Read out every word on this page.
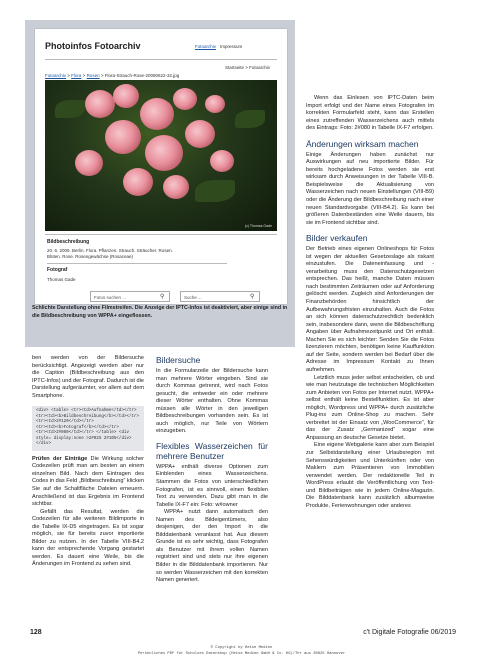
Photoinfos Fotoarchiv	Fotoarchiv Impressum
Startseite > Fotoarchiv
Fotoarchiv > Flora > Rosen > Flora-Strauch-Rose-20090622-32.jpg
(c) Thomas Gade
Bildbeschreibung
20. 6. 2009. Berlin. Flora. Pflanzen. Strauch. Sträucher. Rosen.
Blüten. Rose. Rosengewächse (Rosaceae)
Fotograf
Thomas Gade
Fotos suchen ...	⚲	Suche ...	⚲
Schlichte Darstellung ohne Filmstreifen. Die Anzeige der IPTC-Infos ist deaktiviert, aber einige sind in die Bildbeschreibung von WPPA+ eingeflossen.

ben werden von der Bildersuche berücksichtigt. Angezeigt werden aber nur die Caption (Bildbeschreibung aus den IPTC-Infos) und der Fotograf. Dadurch ist die Darstellung aufgeräumter, vor allem auf dem Smartphone.

<div> <table> <tr><td>Aufnahme</td></tr>
<tr><td><b>Bildbeschreibung</b></td></tr>
<tr><td>2#120</td></tr>
<tr><td><b>Fotograf</b></td></tr>
<tr><td>2#080</td></tr> </table> <div
style= display:none >2#025 2#105</div>
</div>

Prüfen der Einträge Die Wirkung solcher Codezeilen prüft man am besten an einem einzelnen Bild. Nach dem Eintragen des Codes in das Feld „Bildbeschreibung“ klicken Sie auf die Schaltfläche Dateien erneuern. Anschließend ist das Ergebnis im Frontend sichtbar.

Gefällt das Resultat, werden die Codezeilen für alle weiteren Bildimporte in die Tabelle IX-D5 eingetragen. Es ist sogar möglich, sie für bereits zuvor importierte Bilder zu nutzen. In der Tabelle VIII-B4.2 kann der entsprechende Vorgang gestartet werden. Es dauert eine Weile, bis die Änderungen im Frontend zu sehen sind.

Bildersuche

In die Formularzeile der Bildersuche kann man mehrere Wörter eingeben. Sind sie durch Kommas getrennt, wird nach Fotos gesucht, die entweder ein oder mehrere dieser Wörter enthalten. Ohne Kommas müssen alle Wörter in den jeweiligen Bildbeschreibungen vorhanden sein. Es ist auch möglich, nur Teile von Wörtern einzugeben.

Flexibles Wasserzeichen für mehrere Benutzer

WPPA+ enthält diverse Optionen zum Einblenden eines Wasserzeichens. Stammen die Fotos von unterschiedlichen Fotografen, ist es sinnvoll, einen flexiblen Text zu verwenden. Dazu gibt man in die Tabelle IX-F7 ein: Foto: w#owner

WPPA+ nutzt dann automatisch den Namen des Bildeigentümers, also desjenigen, der den Import in die Bilddatenbank veranlasst hat. Aus diesem Grunde ist es sehr wichtig, dass Fotografen als Benutzer mit ihrem vollen Namen registriert sind und stets nur ihre eigenen Bilder in die Bilddatenbank importieren. Nur so werden Wasserzeichen mit den korrekten Namen generiert.

Wenn das Einlesen von IPTC-Daten beim Import erfolgt und der Name eines Fotografen im korrekten Formularfeld steht, kann das Erstellen eines zutreffenden Wasserzeichens auch mittels des Eintrags: Foto: 2#080 in Tabelle IX-F7 erfolgen.

Änderungen wirksam machen

Einige Änderungen haben zunächst nur Auswirkungen auf neu importierte Bilder. Für bereits hochgeladene Fotos werden sie erst wirksam durch Anweisungen in der Tabelle VIII-B. Beispielsweise die Aktualisierung von Wasserzeichen nach neuen Einstellungen (VIII-B9) oder die Änderung der Bildbeschreibung nach einer neuen Standardvorgabe (VIII-B4.2). Es kann bei größeren Datenbeständen eine Weile dauern, bis sie im Frontend sichtbar sind.

Bilder verkaufen

Der Betrieb eines eigenen Onlineshops für Fotos ist wegen der aktuellen Gesetzeslage als riskant einzustufen. Die Dateneinfassung und -verarbeitung muss den Datenschutzgesetzen entsprechen. Das heißt, manche Daten müssen nach bestimmten Zeiträumen oder auf Anforderung gelöscht werden. Zugleich sind Anforderungen der Finanzbehörden hinsichtlich der Aufbewahrungsfristen einzuhalten. Auch die Fotos an sich können datenschutzrechtlich bedenklich sein, insbesondere dann, wenn die Bildbeschriftung Angaben über Aufnahmezeitpunkt und Ort enthält. Machen Sie es sich leichter: Senden Sie die Fotos lizenzieren möchten, benötigen keine Kauffunktion auf der Seite, sondern werden bei Bedarf über die Adresse im Impressum Kontakt zu Ihnen aufnehmen.

Letztlich muss jeder selbst entscheiden, ob und wie man heutzutage die technischen Möglichkeiten zum Anbieten von Fotos per Internet nutzt. WPPA+ selbst enthält keine Bestellfunktion. Es ist aber möglich, Wordpress und WPPA+ durch zusätzliche Plug-ins zum Online-Shop zu machen. Sehr verbreitet ist der Einsatz von „WooCommerce“, für das der Zusatz „Germanized“ sogar eine Anpassung an deutsche Gesetze bietet.

Eine eigene Webgalerie kann aber zum Beispiel zur Selbstdarstellung einer Urlaubsregion mit Sehenswürdigkeiten und Unterkünften oder von Maklern zum Präsentieren von Immobilien verwendet werden. Der redaktionelle Teil in WordPress erlaubt die Veröffentlichung von Text- und Bildbeiträgen wie in jedem Online-Magazin. Die Bilddatenbank kann zusätzlich albumweise Produkte, Ferienwohnungen oder anderes

128	c't Digitale Fotografie 06/2019
© Copyright by Heise Medien
Persönliches PDF für Schulzes Datenshop (Heise Medien GmbH & Co. KG)/Thr aus 30625 Hannover
